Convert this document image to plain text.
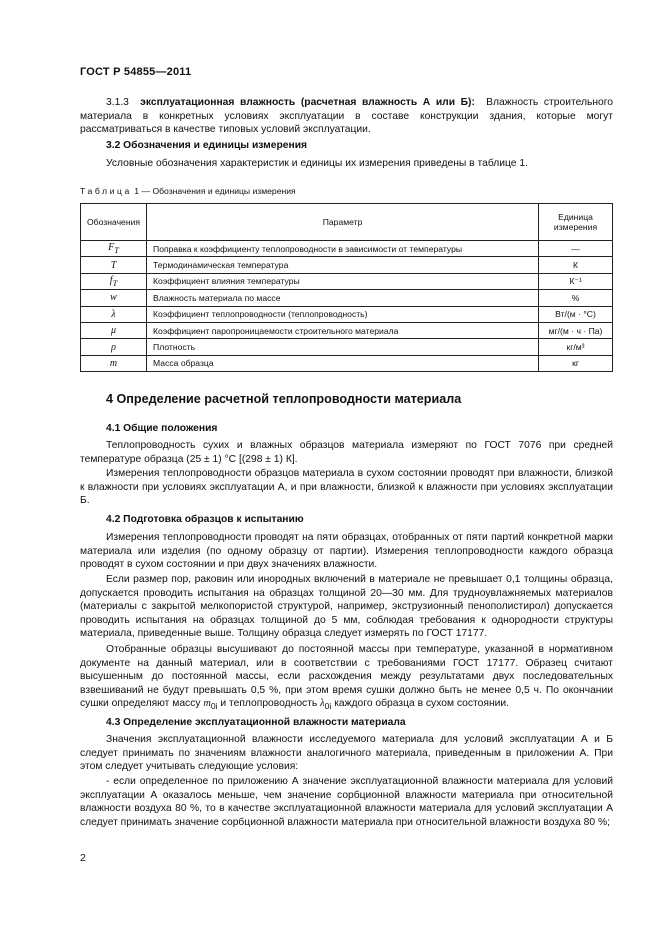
ГОСТ Р 54855—2011
3.1.3 эксплуатационная влажность (расчетная влажность А или Б): Влажность строительного материала в конкретных условиях эксплуатации в составе конструкции здания, которые могут рассматриваться в качестве типовых условий эксплуатации.
3.2 Обозначения и единицы измерения
Условные обозначения характеристик и единицы их измерения приведены в таблице 1.
Таблица 1 — Обозначения и единицы измерения
Обозначения	Параметр	Единица измерения
$F_T$	Поправка к коэффициенту теплопроводности в зависимости от температуры	—
T	Термодинамическая температура	К
$f_T$	Коэффициент влияния температуры	К⁻¹
w	Влажность материала по массе	%
λ	Коэффициент теплопроводности (теплопроводность)	Вт/(м · °С)
μ	Коэффициент паропроницаемости строительного материала	мг/(м · ч · Па)
ρ	Плотность	кг/м³
m	Масса образца	кг
4 Определение расчетной теплопроводности материала
4.1 Общие положения
Теплопроводность сухих и влажных образцов материала измеряют по ГОСТ 7076 при средней температуре образца (25 ± 1) °С [(298 ± 1) К].
Измерения теплопроводности образцов материала в сухом состоянии проводят при влажности, близкой к влажности при условиях эксплуатации А, и при влажности, близкой к влажности при условиях эксплуатации Б.
4.2 Подготовка образцов к испытанию
Измерения теплопроводности проводят на пяти образцах, отобранных от пяти партий конкретной марки материала или изделия (по одному образцу от партии). Измерения теплопроводности каждого образца проводят в сухом состоянии и при двух значениях влажности.
Если размер пор, раковин или инородных включений в материале не превышает 0,1 толщины образца, допускается проводить испытания на образцах толщиной 20—30 мм. Для трудноувлажняемых материалов (материалы с закрытой мелкопористой структурой, например, экструзионный пенополистирол) допускается проводить испытания на образцах толщиной до 5 мм, соблюдая требования к однородности структуры материала, приведенные выше. Толщину образца следует измерять по ГОСТ 17177.
Отобранные образцы высушивают до постоянной массы при температуре, указанной в нормативном документе на данный материал, или в соответствии с требованиями ГОСТ 17177. Образец считают высушенным до постоянной массы, если расхождения между результатами двух последовательных взвешиваний не будут превышать 0,5 %, при этом время сушки должно быть не менее 0,5 ч. По окончании сушки определяют массу $m_{0i}$ и теплопроводность $\lambda_{0i}$ каждого образца в сухом состоянии.
4.3 Определение эксплуатационной влажности материала
Значения эксплуатационной влажности исследуемого материала для условий эксплуатации А и Б следует принимать по значениям влажности аналогичного материала, приведенным в приложении А. При этом следует учитывать следующие условия:
- если определенное по приложению А значение эксплуатационной влажности материала для условий эксплуатации А оказалось меньше, чем значение сорбционной влажности материала при относительной влажности воздуха 80 %, то в качестве эксплуатационной влажности материала для условий эксплуатации А следует принимать значение сорбционной влажности материала при относительной влажности воздуха 80 %;
2
